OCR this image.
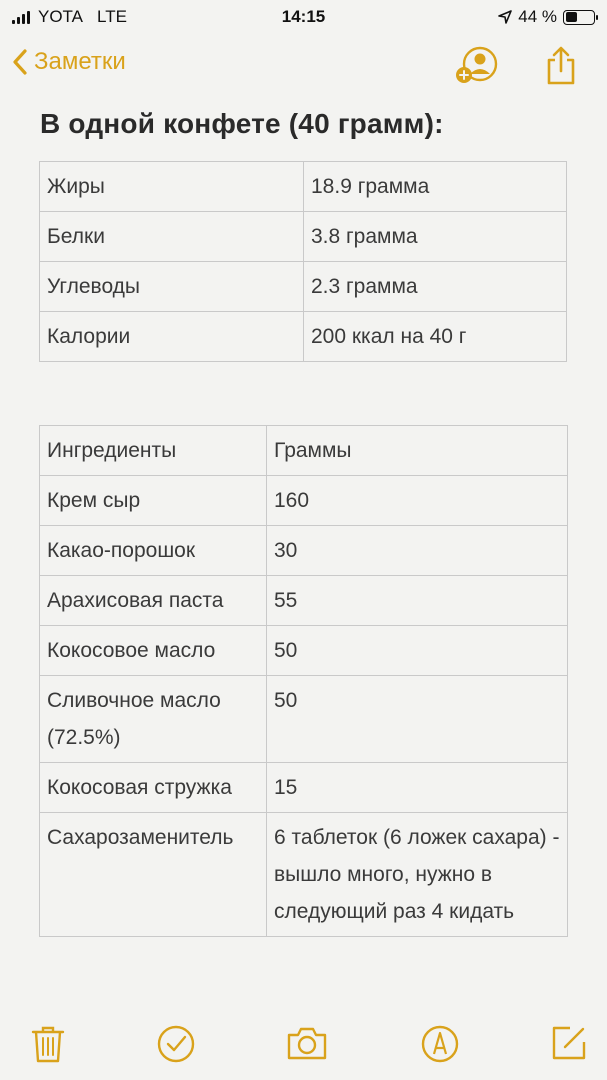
YOTA LTE	14:15	44 %
Заметки
В одной конфете (40 грамм):
Жиры	18.9 грамма
Белки	3.8 грамма
Углеводы	2.3 грамма
Калории	200 ккал на 40 г
Ингредиенты	Граммы
Крем сыр	160
Какао-порошок	30
Арахисовая паста	55
Кокосовое масло	50
Сливочное масло (72.5%)	50
Кокосовая стружка	15
Сахарозаменитель	6 таблеток (6 ложек сахара) - вышло много, нужно в следующий раз 4 кидать
